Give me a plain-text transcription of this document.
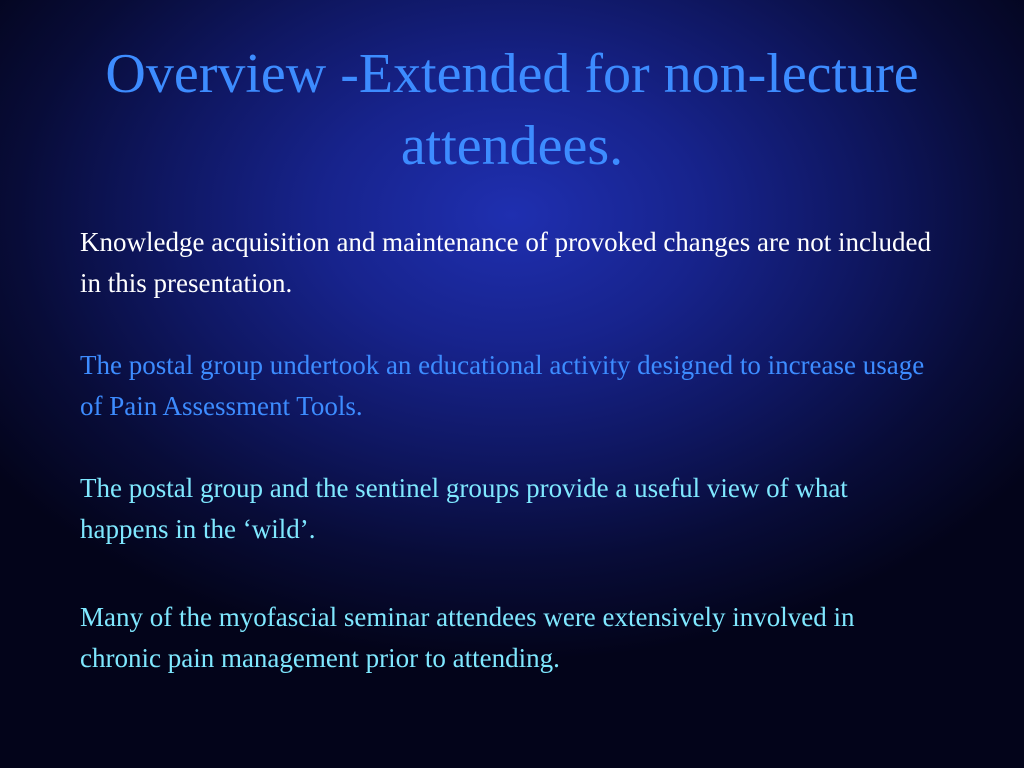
Overview -Extended for non-lecture attendees.

Knowledge acquisition and maintenance of provoked changes are not included in this presentation.

The postal group undertook an educational activity designed to increase usage of Pain Assessment Tools.

The postal group and the sentinel groups provide a useful view of what happens in the ‘wild’.

Many of the myofascial seminar attendees were extensively involved in chronic pain management prior to attending.
